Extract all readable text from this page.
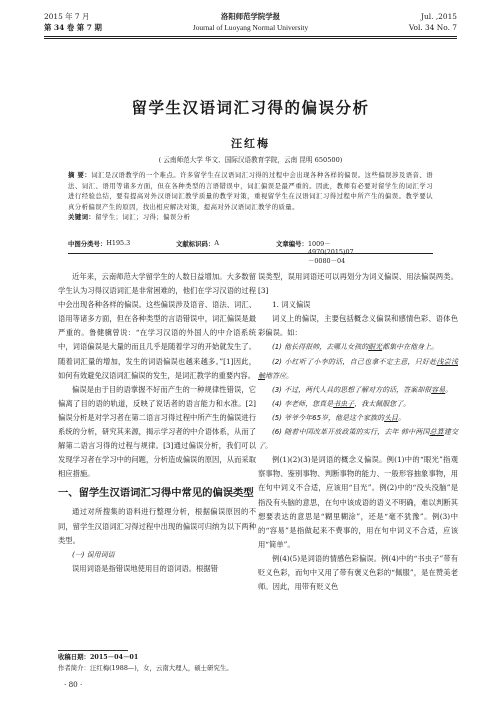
2015 年 7 月
第 34 卷 第 7 期
洛阳师范学院学报
Journal of Luoyang Normal University
Jul. ,2015
Vol. 34 No. 7
留学生汉语词汇习得的偏误分析
汪红梅
( 云南师范大学 华文、国际汉语教育学院，云南 昆明 650500)
摘 要：词汇是汉语教学的一个难点。许多留学生在汉语词汇习得的过程中会出现各种各样的偏误。这些偏误涉及语音、语法、词汇、语用等诸多方面，但在各种类型的言语错误中，词汇偏误是最严重的。因此，教师有必要对留学生的词汇学习进行经验总结，要有提高对外汉语词汇教学质量的教学对策，重视留学生在汉语词汇习得过程中所产生的偏误。教学要认真分析偏误产生的原因，找出相应解决对策，提高对外汉语词汇教学的质量。
关键词：留学生；词汇；习得；偏误分析
中图分类号： H195.3	文献标识码： A	文章编号： 1009－4970(2015)07－0080－04

近年来，云南师范大学留学生的人数日益增加。大多数留学生认为习得汉语词汇是非常困难的，他们在学习汉语的过程中会出现各种各样的偏误。这些偏误涉及语音、语法、词汇、语用等诸多方面，但在各种类型的言语错误中，词汇偏误是最严重的。鲁健骥曾说：“在学习汉语的外国人的中介语系统中，词语偏误是大量的而且几乎是随着学习的开始就发生了。随着词汇量的增加，发生的词语偏误也越来越多。”[1]因此，如何有效避免汉语词汇偏误的发生，是词汇教学的重要内容。

偏误是由于目的语掌握不好而产生的一种规律性错误，它偏离了目的语的轨道，反映了说话者的语言能力和水准。[2]偏误分析是对学习者在第二语言习得过程中所产生的偏误进行系统的分析，研究其来源，揭示学习者的中介语体系，从而了解第二语言习得的过程与规律。[3]通过偏误分析，我们可以发现学习者在学习中的问题，分析造成偏误的原因，从而采取相应措施。

一、留学生汉语词汇习得中常见的偏误类型

通过对所搜集的语料进行整理分析，根据偏误原因的不同，留学生汉语词汇习得过程中出现的偏误可归纳为以下两种类型。

(一) 误用词语

误用词语是指错误地使用目的语词语。根据错

误类型，误用词语还可以再划分为词义偏误、用法偏误两类。[3]

1. 词义偏误

词义上的偏误，主要包括概念义偏误和感情色彩、语体色彩偏误。如：

(1) 他长得很帅，去哪儿女孩的眼光都集中在他身上。

(2) 小红听了小李的话，自己也拿不定主意，只好赴浅尝浅触地答应。

(3) 不过，两代人具的思想了解对方的话，答案却很容易。

(4) 李老师，您真是书虫子，我太佩服您了。

(5) 爷爷今年65岁，他是这个家族的头目。

(6) 随着中国改革开放政策的实行，去年 韩中两国总算建交了。

例(1)(2)(3)是词语的概念义偏误。例(1)中的“眼光”指观察事物、鉴别事物、判断事物的能力、一般形容抽象事物，用在句中词义不合适，应该用“目光”。例(2)中的“没头没脑”是指没有头脑的意思，在句中该成语的语义不明确，难以判断其想要表达的意思是“糊里糊涂”，还是“毫不犹豫”。例(3)中的“容易”是指做起来不费事的，用在句中词义不合适，应该用“简单”。

例(4)(5)是词语的情感色彩偏误。例(4)中的“书虫子”带有贬义色彩，而句中又用了带有褒义色彩的“佩服”，是在赞美老师。因此，用带有贬义色

收稿日期：2015－04－01
作者简介：汪红梅(1988—)，女，云南大理人，硕士研究生。
· 80 ·
